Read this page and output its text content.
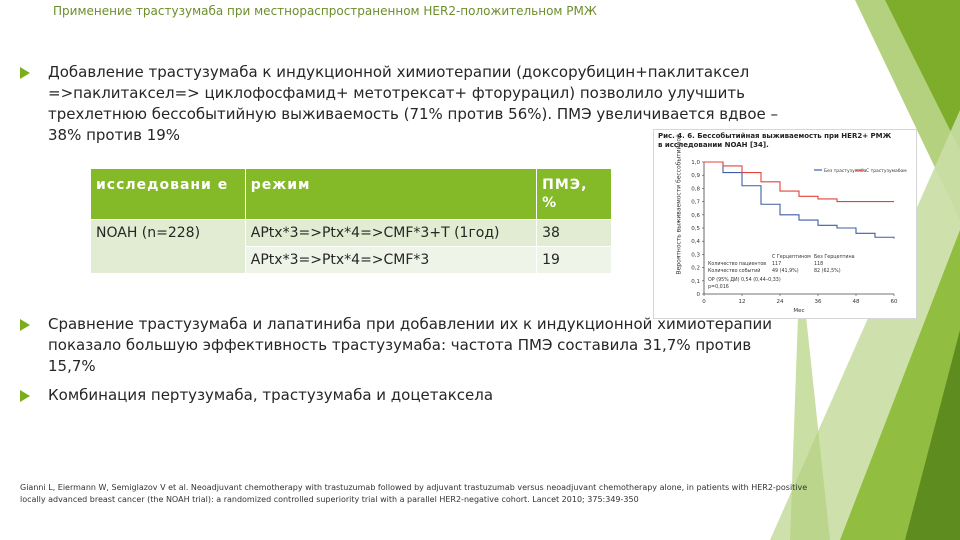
Применение трастузумаба при местнораспространенном HER2-положительном РМЖ
Добавление трастузумаба к индукционной химиотерапии (доксорубицин+паклитаксел =>паклитаксел=> циклофосфамид+ метотрексат+ фторурацил) позволило улучшить трехлетнюю бессобытийную выживаемость (71% против 56%). ПМЭ увеличивается вдвое – 38% против 19%
исследовани е	режим	ПМЭ, %
NOAH (n=228)	APtx*3=>Ptx*4=>CMF*3+T (1год)	38
	APtx*3=>Ptx*4=>CMF*3	19
Рис. 4. 6. Бессобытийная выживаемость при HER2+ РМЖ
в исследовании NOAH [34].
Вероятность выживаемости бессобытийной
0
0,1
0,2
0,3
0,4
0,5
0,6
0,7
0,8
0,9
1,0
0	12	24	36	48	60
Мес
Без трастузумаба С трастузумабом
С Герцептином Без Герцептина
Количество пациентов 117	118
Количество событий 49 (41,9%)	82 (62,5%)
ОР (95% ДИ) 0,54 (0,44–0,33)
р=0,016
Сравнение трастузумаба и лапатиниба при добавлении их к индукционной химиотерапии показало большую эффективность трастузумаба: частота ПМЭ составила 31,7% против 15,7%
Комбинация пертузумаба, трастузумаба и доцетаксела
Gianni L, Eiermann W, Semiglazov V et al. Neoadjuvant chemotherapy with trastuzumab followed by adjuvant trastuzumab versus neoadjuvant chemotherapy alone, in patients with HER2-positive locally advanced breast cancer (the NOAH trial): a randomized controlled superiority trial with a parallel HER2-negative cohort. Lancet 2010; 375:349-350
